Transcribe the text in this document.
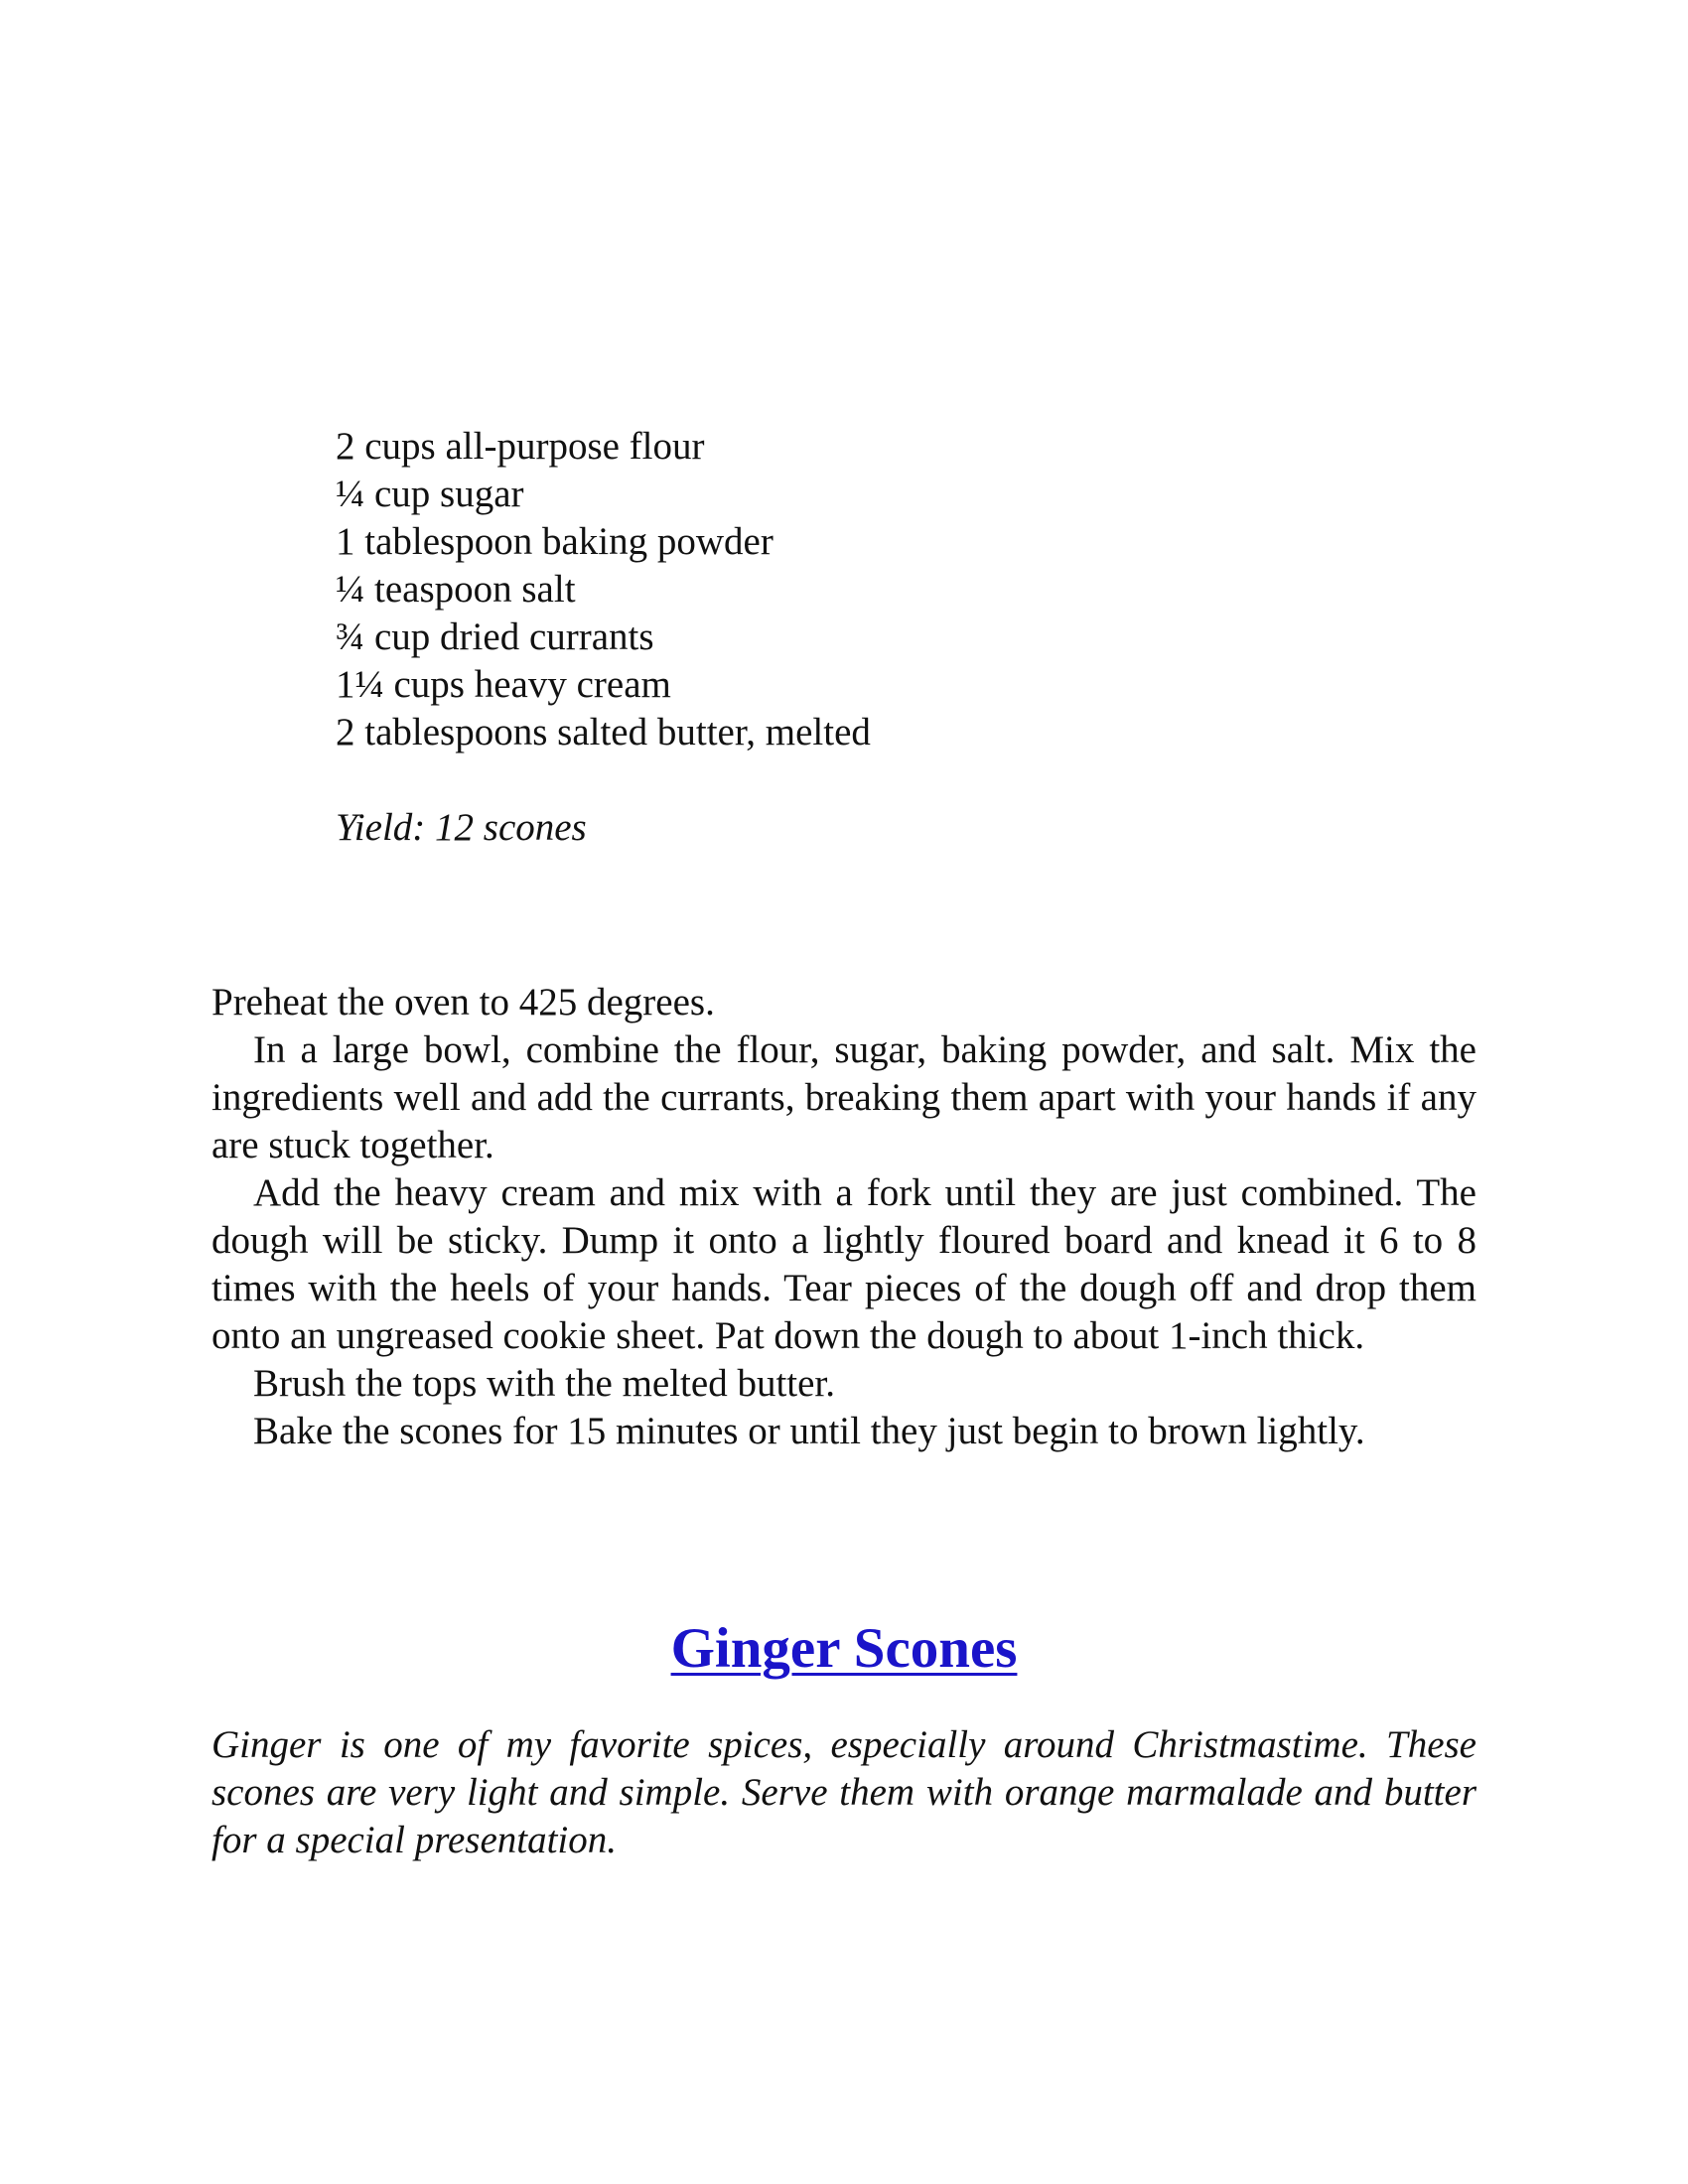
2 cups all-purpose flour
¼ cup sugar
1 tablespoon baking powder
¼ teaspoon salt
¾ cup dried currants
1¼ cups heavy cream
2 tablespoons salted butter, melted

Yield: 12 scones

Preheat the oven to 425 degrees.

In a large bowl, combine the flour, sugar, baking powder, and salt. Mix the ingredients well and add the currants, breaking them apart with your hands if any are stuck together.

Add the heavy cream and mix with a fork until they are just combined. The dough will be sticky. Dump it onto a lightly floured board and knead it 6 to 8 times with the heels of your hands. Tear pieces of the dough off and drop them onto an ungreased cookie sheet. Pat down the dough to about 1-inch thick.

Brush the tops with the melted butter.

Bake the scones for 15 minutes or until they just begin to brown lightly.

Ginger Scones

Ginger is one of my favorite spices, especially around Christmastime. These scones are very light and simple. Serve them with orange marmalade and butter for a special presentation.
